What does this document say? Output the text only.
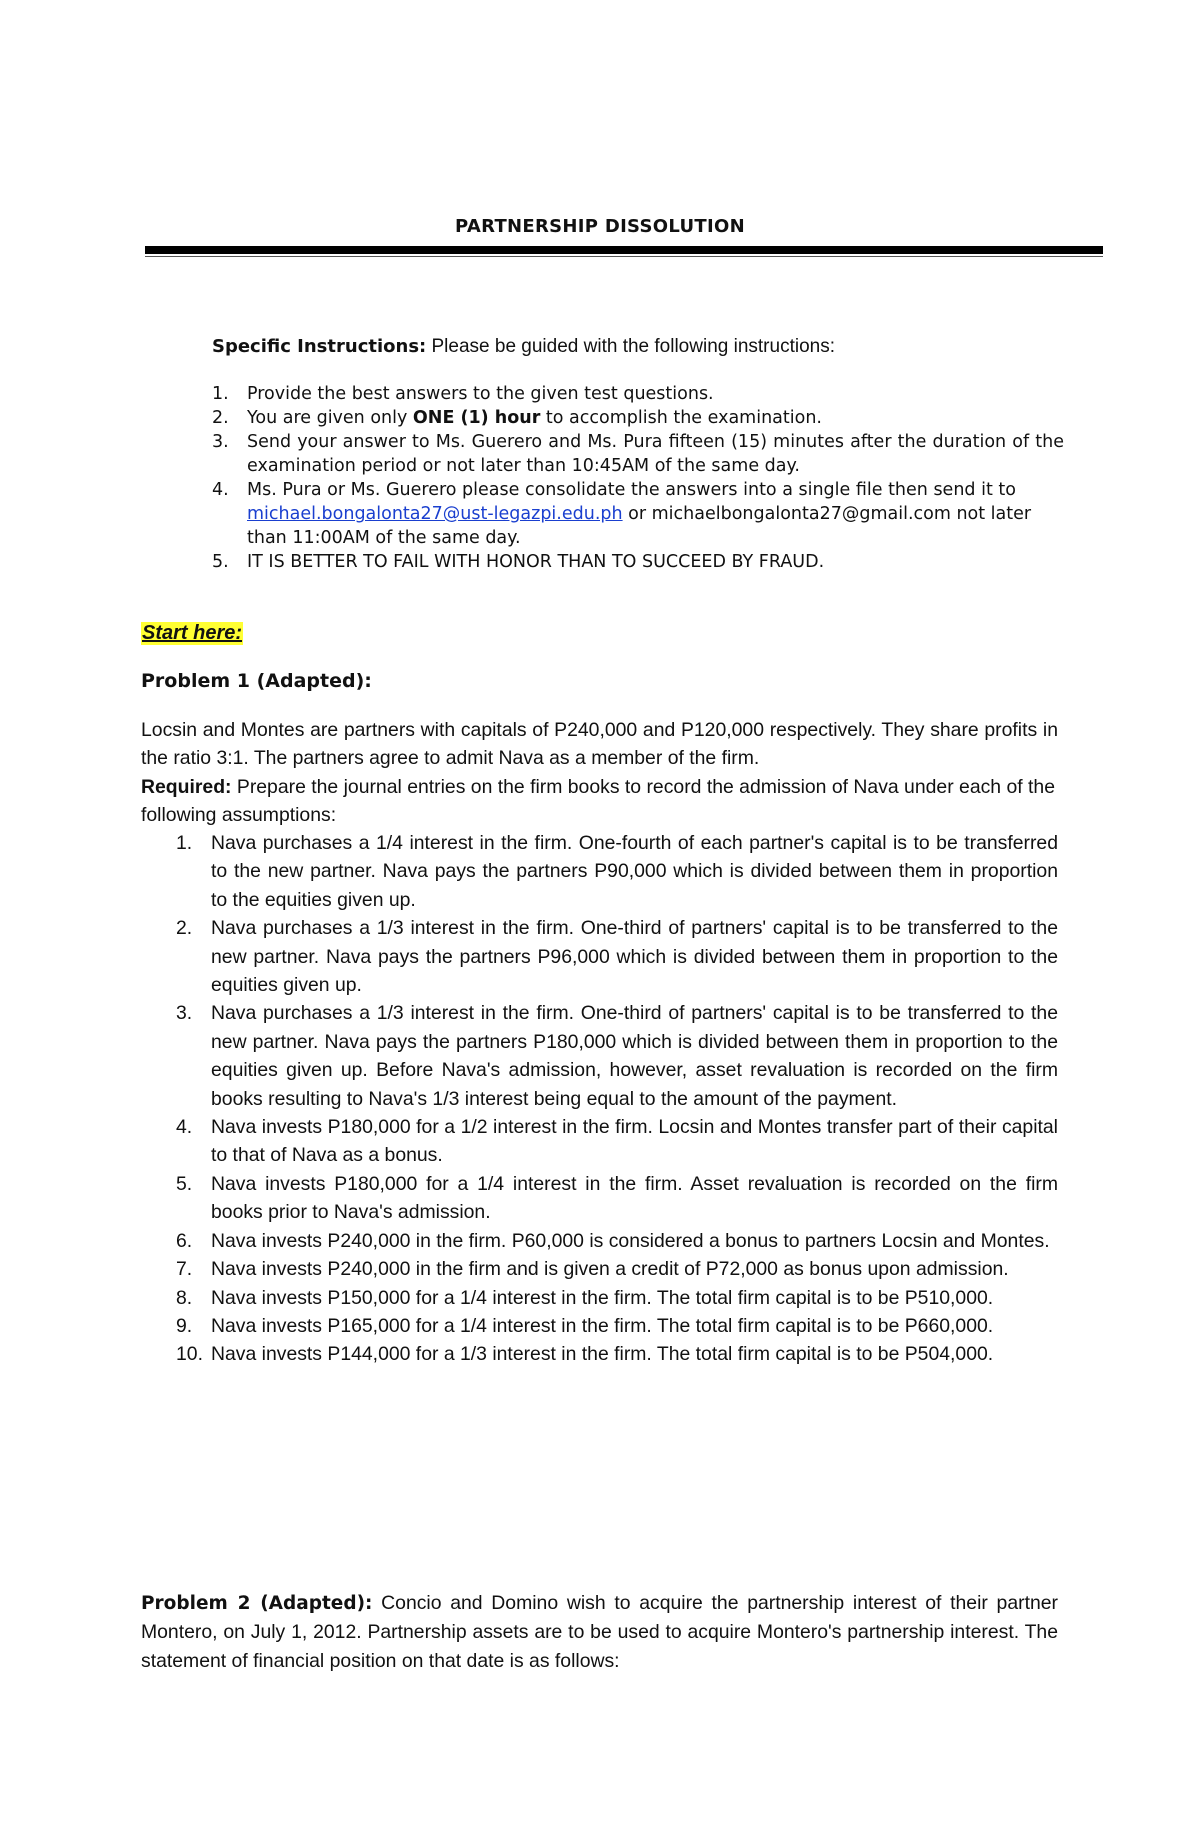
PARTNERSHIP DISSOLUTION
Specific Instructions: Please be guided with the following instructions:
1. Provide the best answers to the given test questions.
2. You are given only ONE (1) hour to accomplish the examination.
3. Send your answer to Ms. Guerero and Ms. Pura fifteen (15) minutes after the duration of the examination period or not later than 10:45AM of the same day.
4. Ms. Pura or Ms. Guerero please consolidate the answers into a single file then send it to michael.bongalonta27@ust-legazpi.edu.ph or michaelbongalonta27@gmail.com not later than 11:00AM of the same day.
5. IT IS BETTER TO FAIL WITH HONOR THAN TO SUCCEED BY FRAUD.
Start here:
Problem 1 (Adapted):
Locsin and Montes are partners with capitals of P240,000 and P120,000 respectively. They share profits in the ratio 3:1. The partners agree to admit Nava as a member of the firm.
Required: Prepare the journal entries on the firm books to record the admission of Nava under each of the following assumptions:
1. Nava purchases a 1/4 interest in the firm. One-fourth of each partner's capital is to be transferred to the new partner. Nava pays the partners P90,000 which is divided between them in proportion to the equities given up.
2. Nava purchases a 1/3 interest in the firm. One-third of partners' capital is to be transferred to the new partner. Nava pays the partners P96,000 which is divided between them in proportion to the equities given up.
3. Nava purchases a 1/3 interest in the firm. One-third of partners' capital is to be transferred to the new partner. Nava pays the partners P180,000 which is divided between them in proportion to the equities given up. Before Nava's admission, however, asset revaluation is recorded on the firm books resulting to Nava's 1/3 interest being equal to the amount of the payment.
4. Nava invests P180,000 for a 1/2 interest in the firm. Locsin and Montes transfer part of their capital to that of Nava as a bonus.
5. Nava invests P180,000 for a 1/4 interest in the firm. Asset revaluation is recorded on the firm books prior to Nava's admission.
6. Nava invests P240,000 in the firm. P60,000 is considered a bonus to partners Locsin and Montes.
7. Nava invests P240,000 in the firm and is given a credit of P72,000 as bonus upon admission.
8. Nava invests P150,000 for a 1/4 interest in the firm. The total firm capital is to be P510,000.
9. Nava invests P165,000 for a 1/4 interest in the firm. The total firm capital is to be P660,000.
10. Nava invests P144,000 for a 1/3 interest in the firm. The total firm capital is to be P504,000.
Problem 2 (Adapted): Concio and Domino wish to acquire the partnership interest of their partner Montero, on July 1, 2012. Partnership assets are to be used to acquire Montero's partnership interest. The statement of financial position on that date is as follows:
